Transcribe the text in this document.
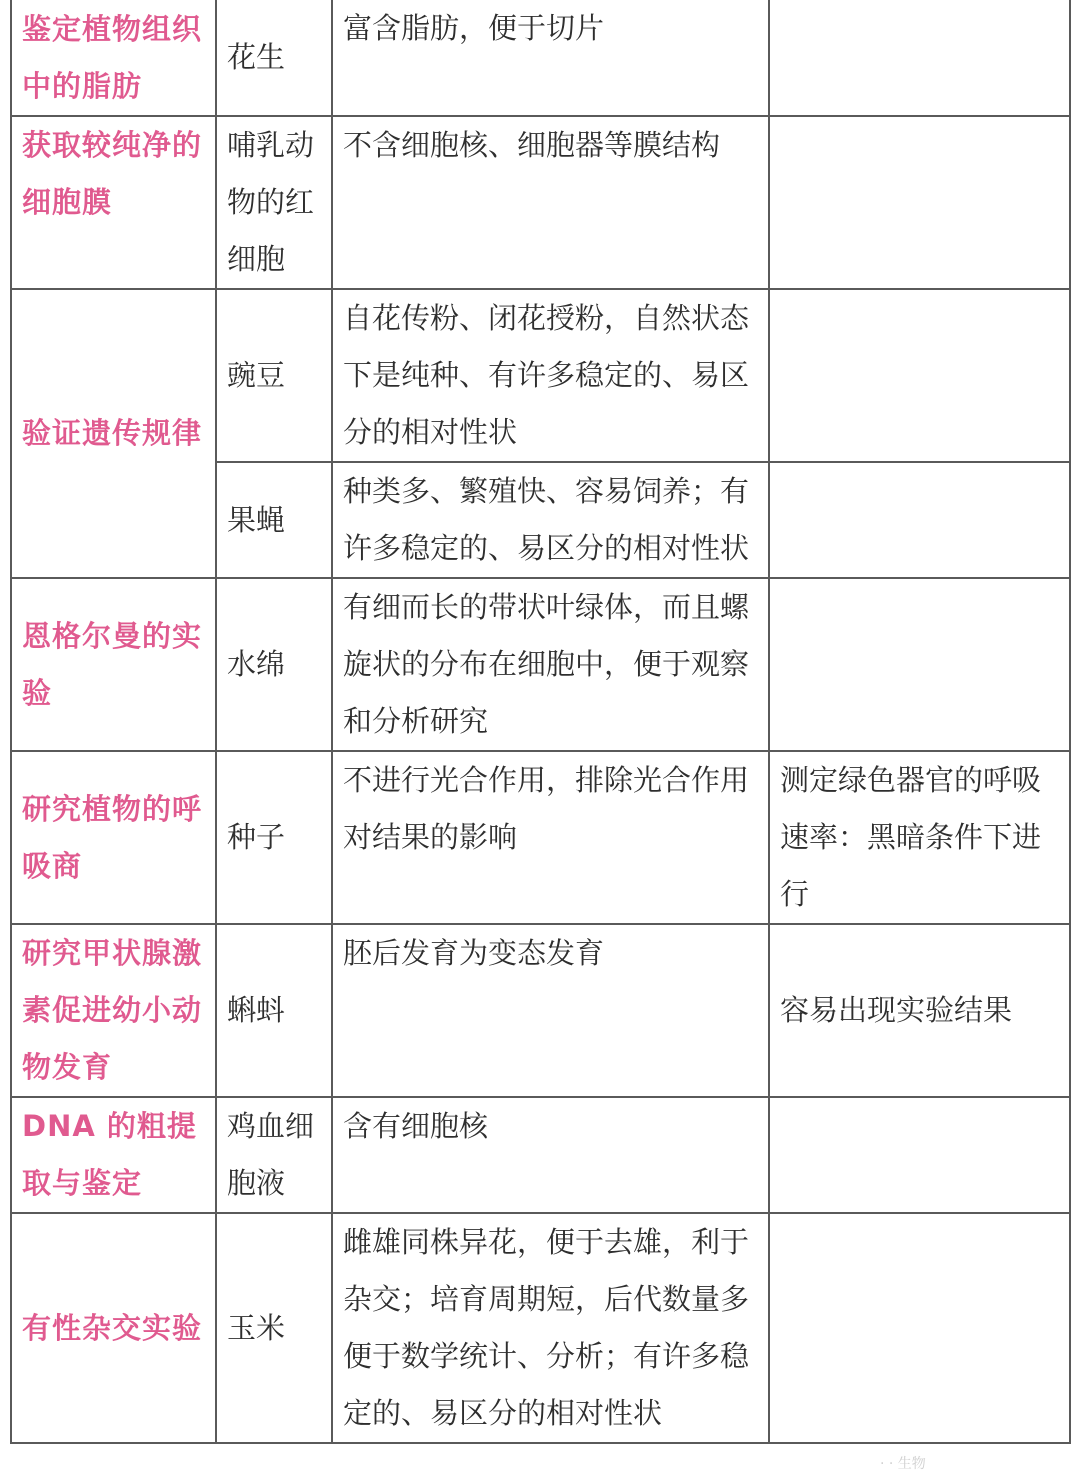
鉴定植物组织中的脂肪	花生	富含脂肪，便于切片	
获取较纯净的细胞膜	哺乳动物的红细胞	不含细胞核、细胞器等膜结构	
验证遗传规律	豌豆	自花传粉、闭花授粉，自然状态下是纯种、有许多稳定的、易区分的相对性状	
	果蝇	种类多、繁殖快、容易饲养；有许多稳定的、易区分的相对性状	
恩格尔曼的实验	水绵	有细而长的带状叶绿体，而且螺旋状的分布在细胞中，便于观察和分析研究	
研究植物的呼吸商	种子	不进行光合作用，排除光合作用对结果的影响	测定绿色器官的呼吸速率：黑暗条件下进行
研究甲状腺激素促进幼小动物发育	蝌蚪	胚后发育为变态发育	容易出现实验结果
DNA 的粗提取与鉴定	鸡血细胞液	含有细胞核	
有性杂交实验	玉米	雌雄同株异花，便于去雄，利于杂交；培育周期短，后代数量多便于数学统计、分析；有许多稳定的、易区分的相对性状	
· · 生物
